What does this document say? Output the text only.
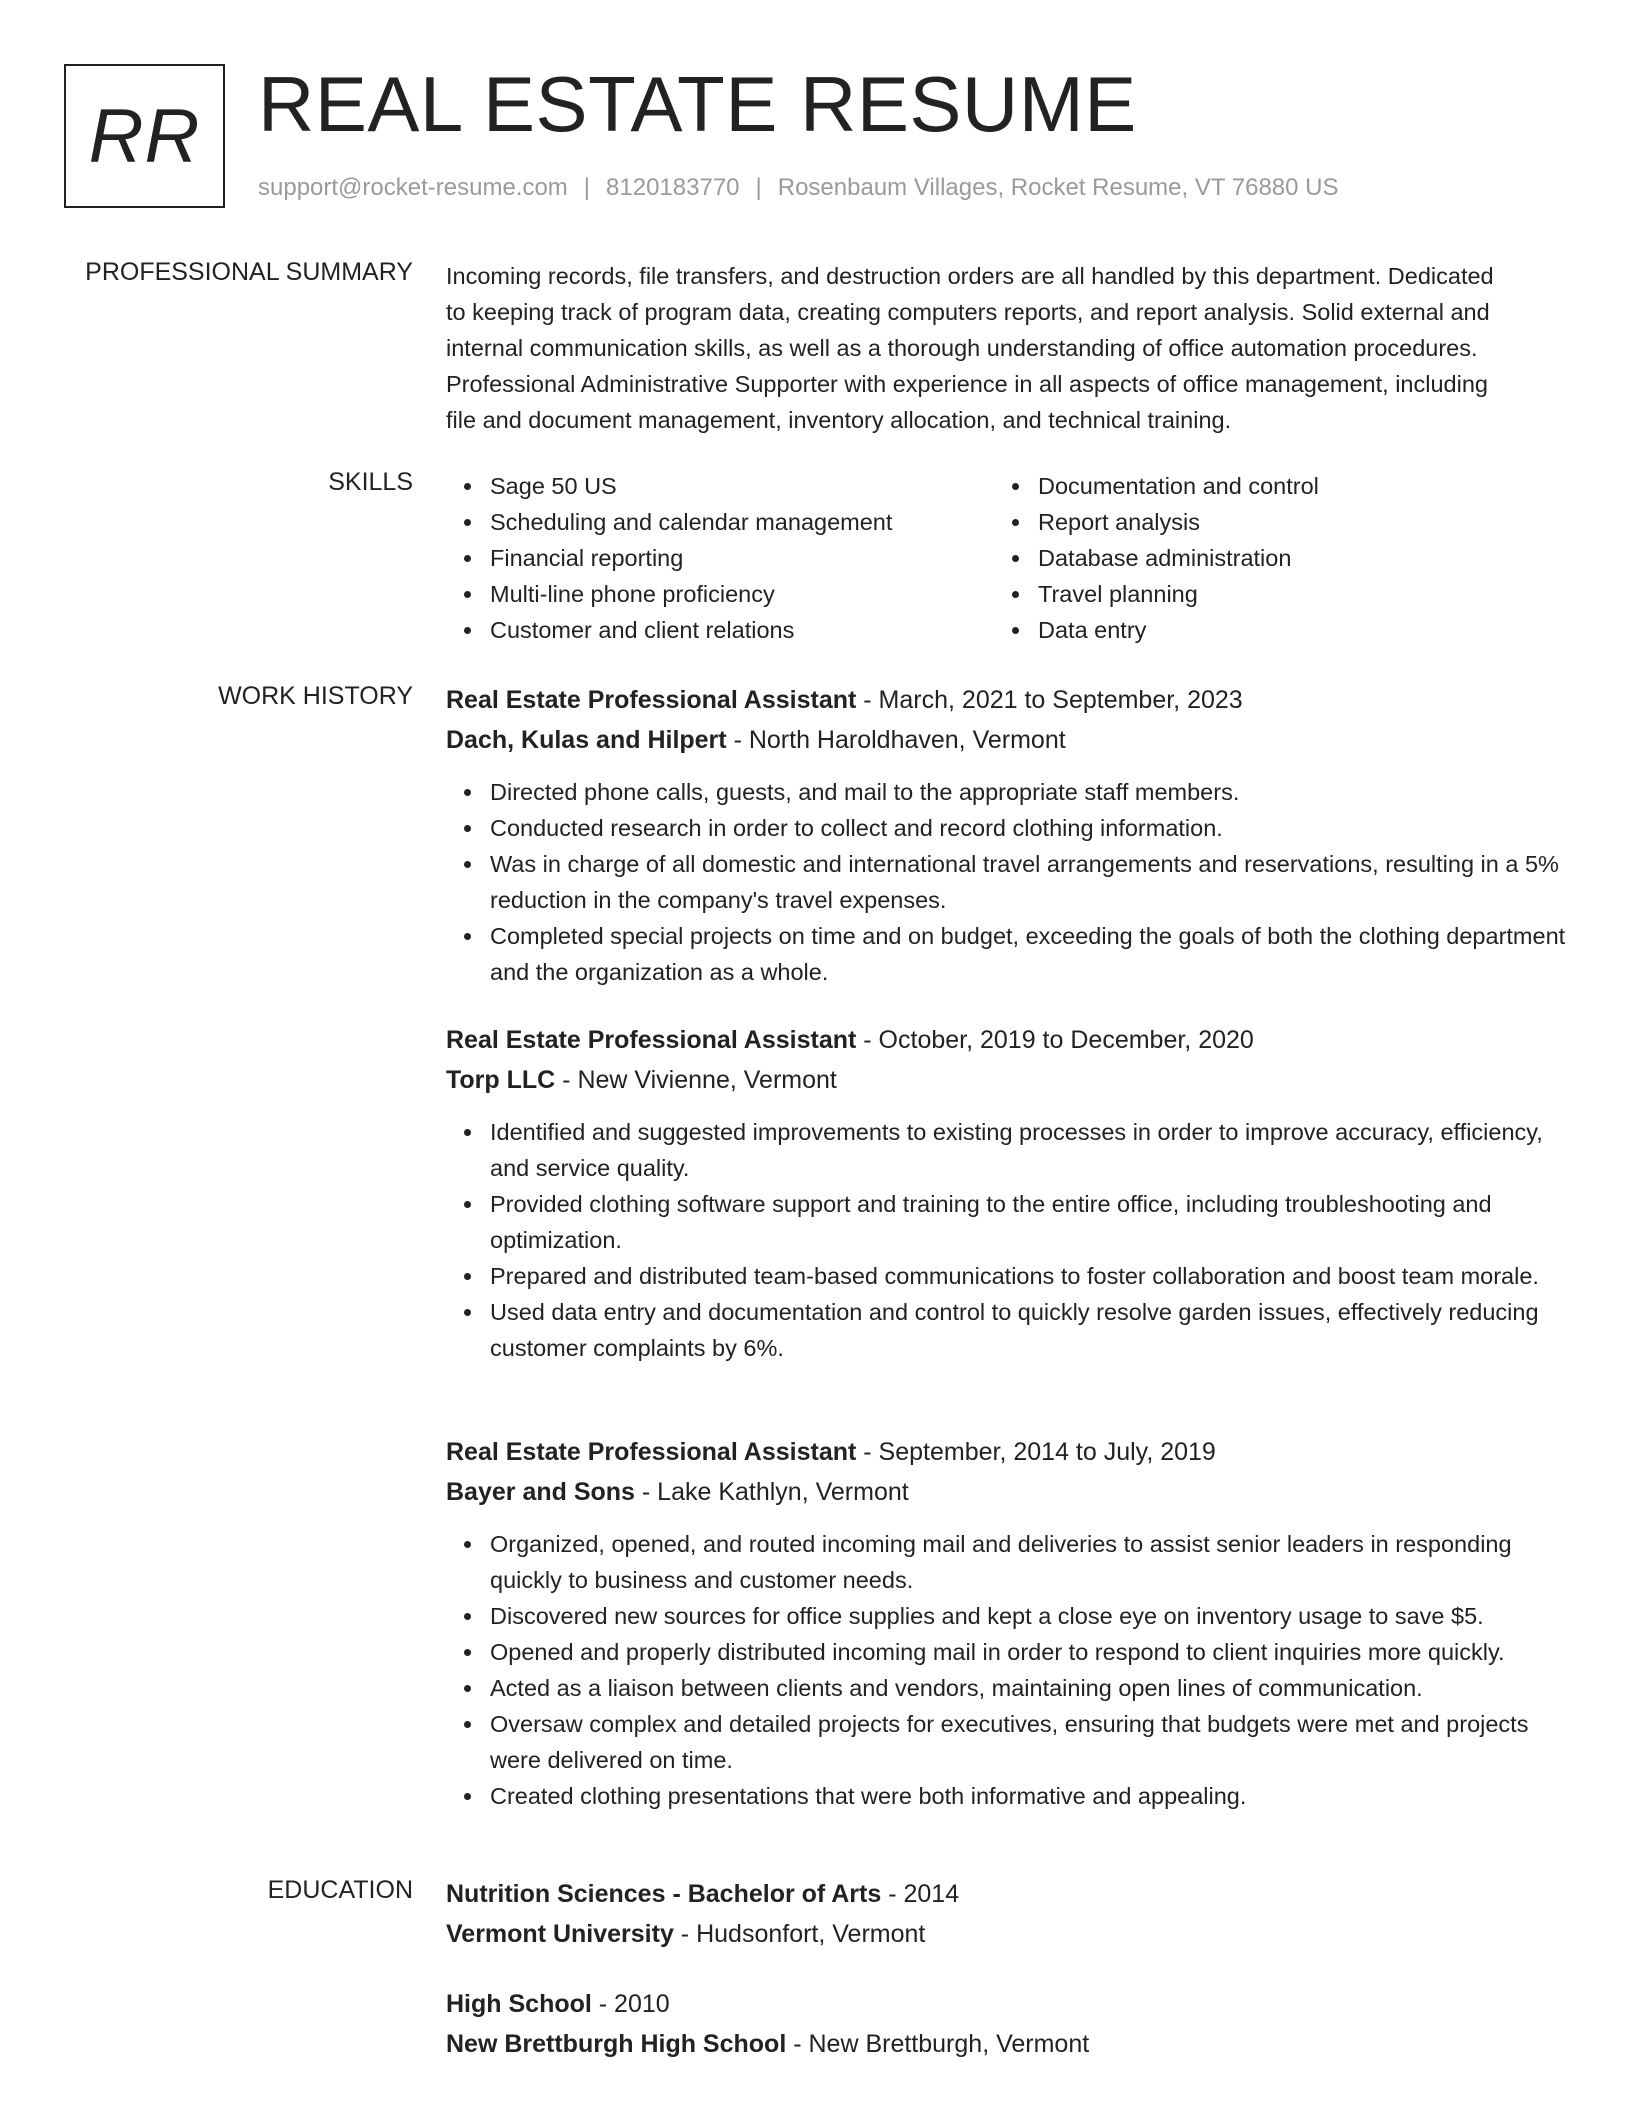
RR REAL ESTATE RESUME
support@rocket-resume.com | 8120183770 | Rosenbaum Villages, Rocket Resume, VT 76880 US
PROFESSIONAL SUMMARY Incoming records, file transfers, and destruction orders are all handled by this department. Dedicated

to keeping track of program data, creating computers reports, and report analysis. Solid external and

internal communication skills, as well as a thorough understanding of office automation procedures.

Professional Administrative Supporter with experience in all aspects of office management, including

file and document management, inventory allocation, and technical training.

SKILLS	Sage 50 US
Scheduling and calendar management
Financial reporting
Multi-line phone proficiency
Customer and client relations
Documentation and control
Report analysis
Database administration
Travel planning
Data entry
WORK HISTORY Real Estate Professional Assistant - March, 2021 to September, 2023
Dach, Kulas and Hilpert - North Haroldhaven, Vermont
Directed phone calls, guests, and mail to the appropriate staff members.
Conducted research in order to collect and record clothing information.
Was in charge of all domestic and international travel arrangements and reservations, resulting in a 5% reduction in the company's travel expenses.
Completed special projects on time and on budget, exceeding the goals of both the clothing department and the organization as a whole.
Real Estate Professional Assistant - October, 2019 to December, 2020
Torp LLC - New Vivienne, Vermont
Identified and suggested improvements to existing processes in order to improve accuracy, efficiency, and service quality.
Provided clothing software support and training to the entire office, including troubleshooting and optimization.
Prepared and distributed team-based communications to foster collaboration and boost team morale.
Used data entry and documentation and control to quickly resolve garden issues, effectively reducing customer complaints by 6%.
Real Estate Professional Assistant - September, 2014 to July, 2019
Bayer and Sons - Lake Kathlyn, Vermont
Organized, opened, and routed incoming mail and deliveries to assist senior leaders in responding quickly to business and customer needs.
Discovered new sources for office supplies and kept a close eye on inventory usage to save $5.
Opened and properly distributed incoming mail in order to respond to client inquiries more quickly.
Acted as a liaison between clients and vendors, maintaining open lines of communication.
Oversaw complex and detailed projects for executives, ensuring that budgets were met and projects were delivered on time.
Created clothing presentations that were both informative and appealing.
EDUCATION Nutrition Sciences - Bachelor of Arts - 2014
Vermont University - Hudsonfort, Vermont
High School - 2010
New Brettburgh High School - New Brettburgh, Vermont
